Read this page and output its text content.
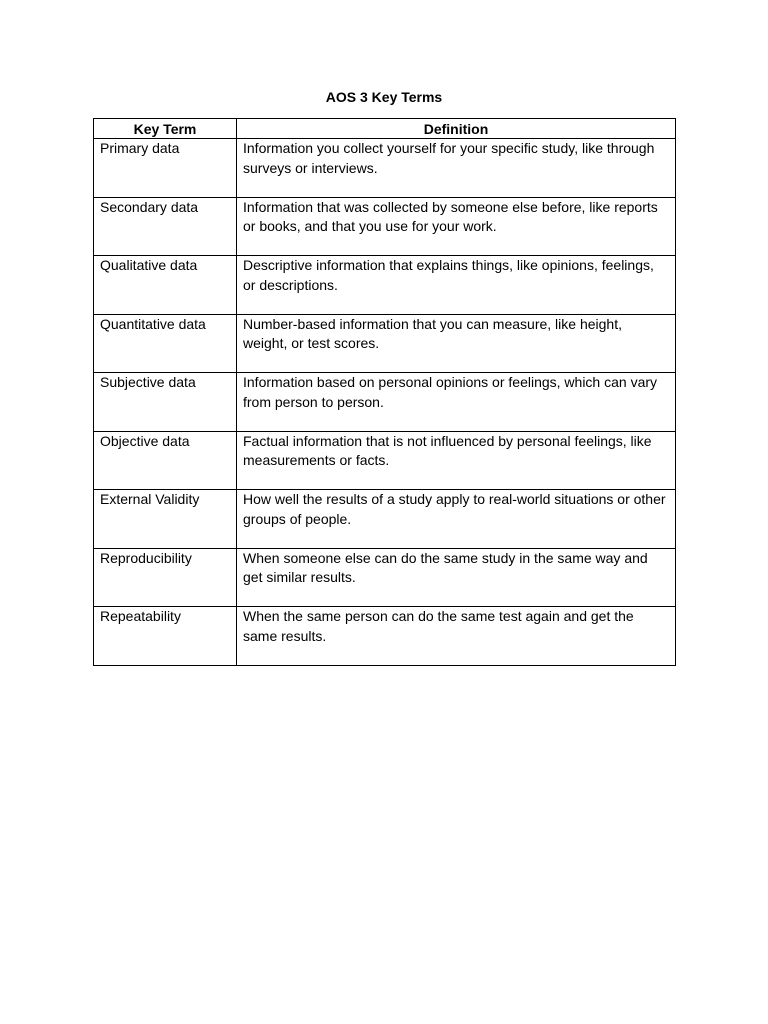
AOS 3 Key Terms
Key Term	Definition
Primary data	Information you collect yourself for your specific study, like through surveys or interviews.
Secondary data	Information that was collected by someone else before, like reports or books, and that you use for your work.
Qualitative data	Descriptive information that explains things, like opinions, feelings, or descriptions.
Quantitative data	Number-based information that you can measure, like height, weight, or test scores.
Subjective data	Information based on personal opinions or feelings, which can vary from person to person.
Objective data	Factual information that is not influenced by personal feelings, like measurements or facts.
External Validity	How well the results of a study apply to real-world situations or other groups of people.
Reproducibility	When someone else can do the same study in the same way and get similar results.
Repeatability	When the same person can do the same test again and get the same results.
